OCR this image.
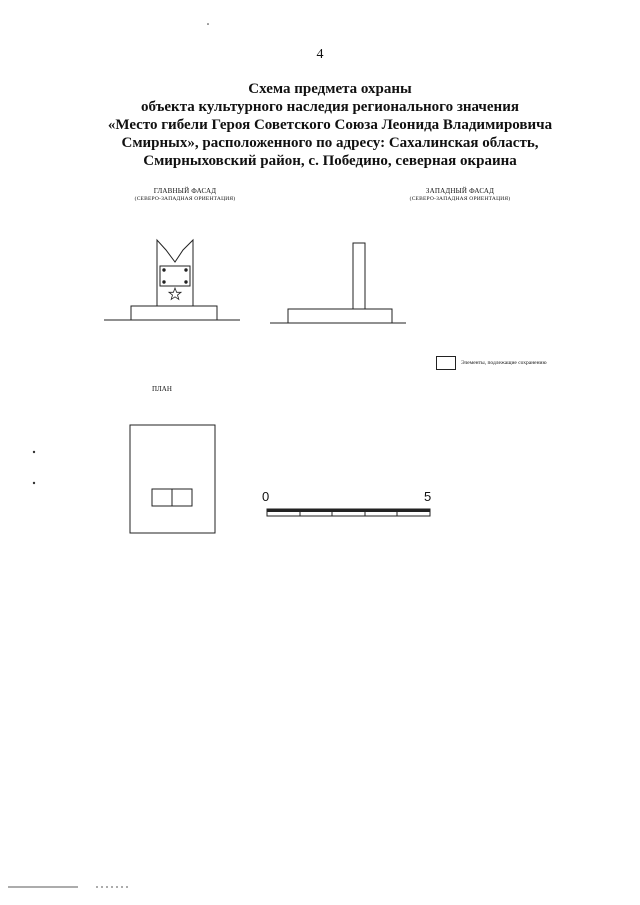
4
Схема предмета охраны
объекта культурного наследия регионального значения
«Место гибели Героя Советского Союза Леонида Владимировича
Смирных», расположенного по адресу: Сахалинская область,
Смирныховский район, с. Победино, северная окраина
ГЛАВНЫЙ ФАСАД
(СЕВЕРО-ЗАПАДНАЯ ОРИЕНТАЦИЯ)
ЗАПАДНЫЙ ФАСАД
(СЕВЕРО-ЗАПАДНАЯ ОРИЕНТАЦИЯ)
Элементы, подлежащие сохранению
ПЛАН
0	5
